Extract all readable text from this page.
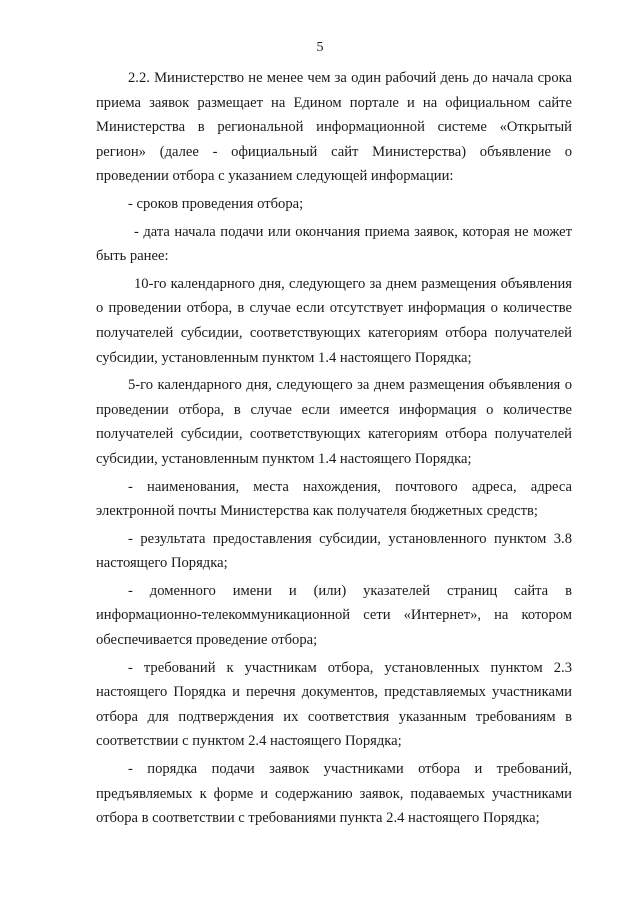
5

2.2. Министерство не менее чем за один рабочий день до начала срока приема заявок размещает на Едином портале и на официальном сайте Министерства в региональной информационной системе «Открытый регион» (далее - официальный сайт Министерства) объявление о проведении отбора с указанием следующей информации:

- сроков проведения отбора;

- дата начала подачи или окончания приема заявок, которая не может быть ранее:

10-го календарного дня, следующего за днем размещения объявления о проведении отбора, в случае если отсутствует информация о количестве получателей субсидии, соответствующих категориям отбора получателей субсидии, установленным пунктом 1.4 настоящего Порядка;

5-го календарного дня, следующего за днем размещения объявления о проведении отбора, в случае если имеется информация о количестве получателей субсидии, соответствующих категориям отбора получателей субсидии, установленным пунктом 1.4 настоящего Порядка;

- наименования, места нахождения, почтового адреса, адреса электронной почты Министерства как получателя бюджетных средств;

- результата предоставления субсидии, установленного пунктом 3.8 настоящего Порядка;

- доменного имени и (или) указателей страниц сайта в информационно-телекоммуникационной сети «Интернет», на котором обеспечивается проведение отбора;

- требований к участникам отбора, установленных пунктом 2.3 настоящего Порядка и перечня документов, представляемых участниками отбора для подтверждения их соответствия указанным требованиям в соответствии с пунктом 2.4 настоящего Порядка;

- порядка подачи заявок участниками отбора и требований, предъявляемых к форме и содержанию заявок, подаваемых участниками отбора в соответствии с требованиями пункта 2.4 настоящего Порядка;
